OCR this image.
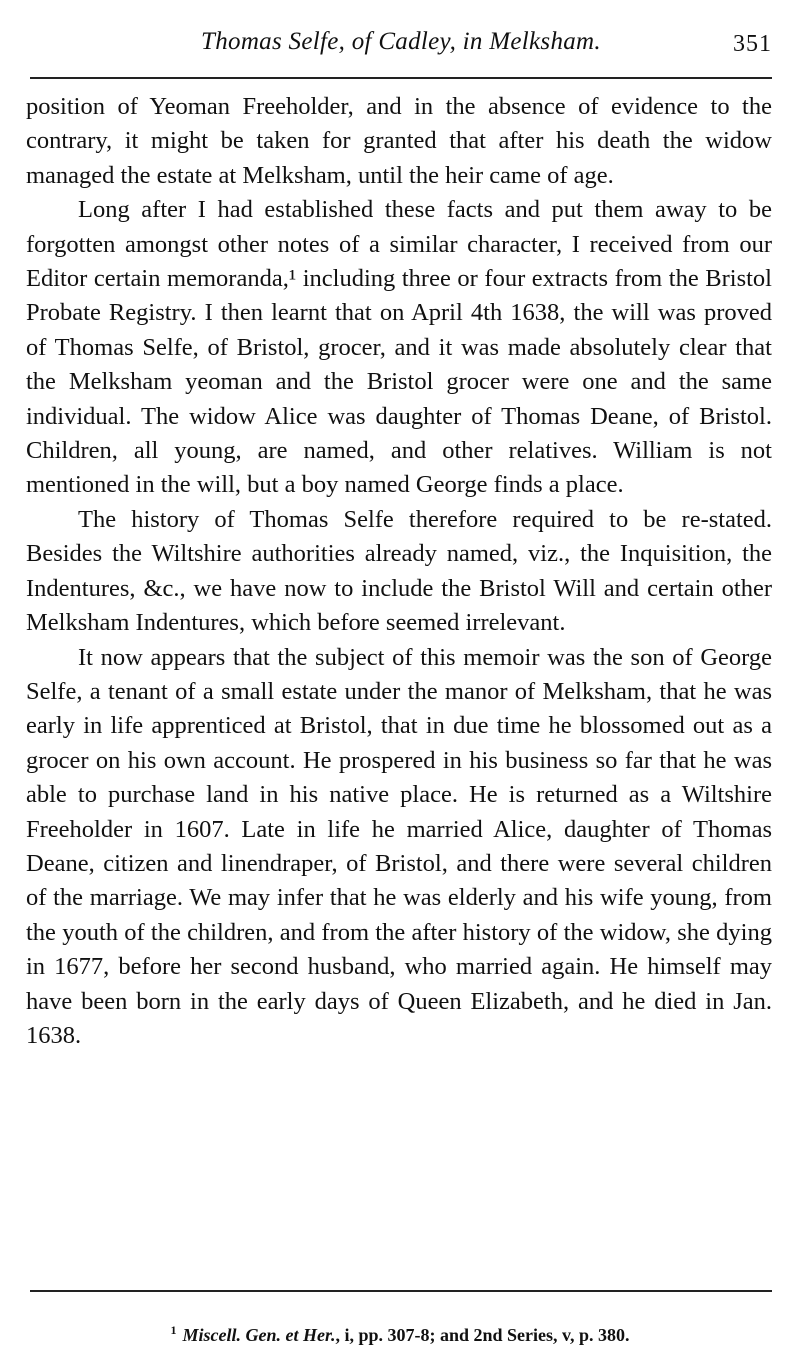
Thomas Selfe, of Cadley, in Melksham.	351

position of Yeoman Freeholder, and in the absence of evidence to the contrary, it might be taken for granted that after his death the widow managed the estate at Melksham, until the heir came of age.

Long after I had established these facts and put them away to be forgotten amongst other notes of a similar character, I received from our Editor certain memoranda,¹ including three or four extracts from the Bristol Probate Registry. I then learnt that on April 4th 1638, the will was proved of Thomas Selfe, of Bristol, grocer, and it was made absolutely clear that the Melksham yeoman and the Bristol grocer were one and the same individual. The widow Alice was daughter of Thomas Deane, of Bristol. Children, all young, are named, and other relatives. William is not mentioned in the will, but a boy named George finds a place.

The history of Thomas Selfe therefore required to be re-stated. Besides the Wiltshire authorities already named, viz., the Inquisition, the Indentures, &c., we have now to include the Bristol Will and certain other Melksham Indentures, which before seemed irrelevant.

It now appears that the subject of this memoir was the son of George Selfe, a tenant of a small estate under the manor of Melksham, that he was early in life apprenticed at Bristol, that in due time he blossomed out as a grocer on his own account. He prospered in his business so far that he was able to purchase land in his native place. He is returned as a Wiltshire Freeholder in 1607. Late in life he married Alice, daughter of Thomas Deane, citizen and linendraper, of Bristol, and there were several children of the marriage. We may infer that he was elderly and his wife young, from the youth of the children, and from the after history of the widow, she dying in 1677, before her second husband, who married again. He himself may have been born in the early days of Queen Elizabeth, and he died in Jan. 1638.

$^1$ Miscell. Gen. et Her., i, pp. 307-8; and 2nd Series, v, p. 380.
